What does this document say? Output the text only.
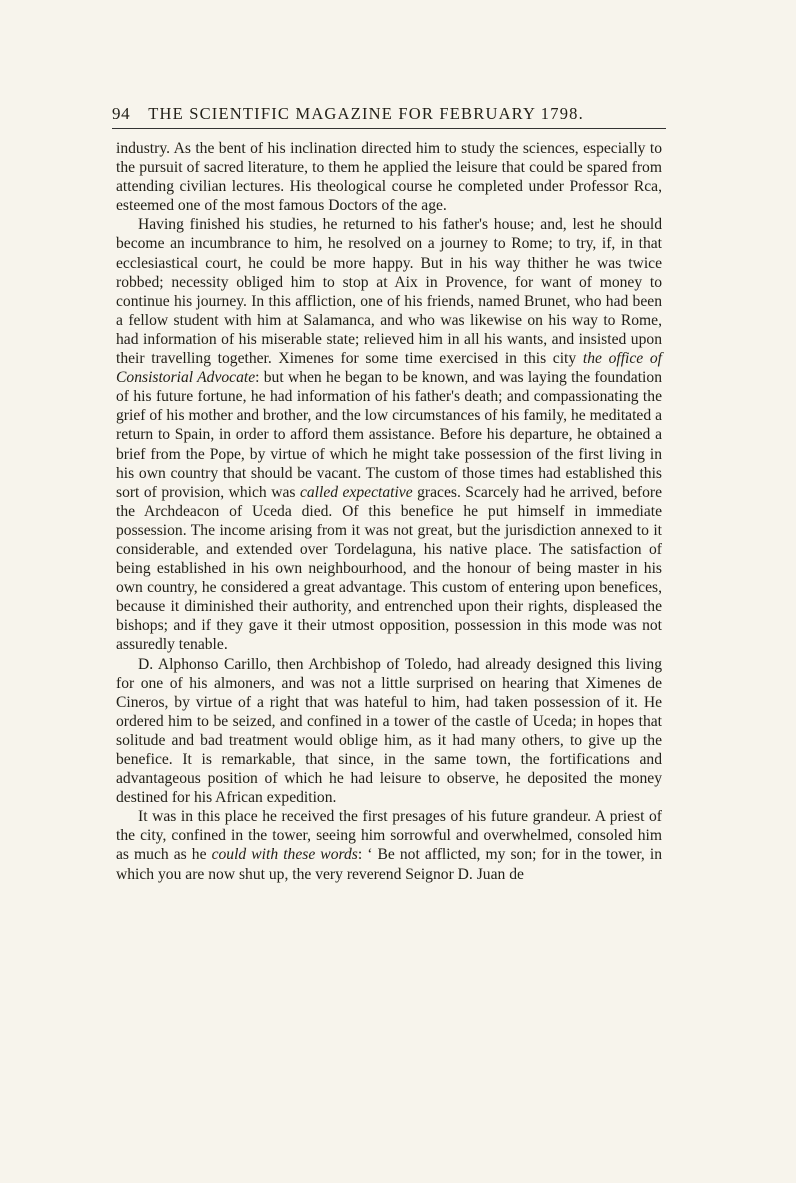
94 THE SCIENTIFIC MAGAZINE FOR FEBRUARY 1798.

industry. As the bent of his inclination directed him to study the sciences, especially to the pursuit of sacred literature, to them he applied the leisure that could be spared from attending civilian lectures. His theological course he completed under Professor Rca, esteemed one of the most famous Doctors of the age.

Having finished his studies, he returned to his father's house; and, lest he should become an incumbrance to him, he resolved on a journey to Rome; to try, if, in that ecclesiastical court, he could be more happy. But in his way thither he was twice robbed; necessity obliged him to stop at Aix in Provence, for want of money to continue his journey. In this affliction, one of his friends, named Brunet, who had been a fellow student with him at Salamanca, and who was likewise on his way to Rome, had information of his miserable state; relieved him in all his wants, and insisted upon their travelling together. Ximenes for some time exercised in this city the office of Consistorial Advocate: but when he began to be known, and was laying the foundation of his future fortune, he had information of his father's death; and compassionating the grief of his mother and brother, and the low circumstances of his family, he meditated a return to Spain, in order to afford them assistance. Before his departure, he obtained a brief from the Pope, by virtue of which he might take possession of the first living in his own country that should be vacant. The custom of those times had established this sort of provision, which was called expectative graces. Scarcely had he arrived, before the Archdeacon of Uceda died. Of this benefice he put himself in immediate possession. The income arising from it was not great, but the jurisdiction annexed to it considerable, and extended over Tordelaguna, his native place. The satisfaction of being established in his own neighbourhood, and the honour of being master in his own country, he considered a great advantage. This custom of entering upon benefices, because it diminished their authority, and entrenched upon their rights, displeased the bishops; and if they gave it their utmost opposition, possession in this mode was not assuredly tenable.

D. Alphonso Carillo, then Archbishop of Toledo, had already designed this living for one of his almoners, and was not a little surprised on hearing that Ximenes de Cineros, by virtue of a right that was hateful to him, had taken possession of it. He ordered him to be seized, and confined in a tower of the castle of Uceda; in hopes that solitude and bad treatment would oblige him, as it had many others, to give up the benefice. It is remarkable, that since, in the same town, the fortifications and advantageous position of which he had leisure to observe, he deposited the money destined for his African expedition.

It was in this place he received the first presages of his future grandeur. A priest of the city, confined in the tower, seeing him sorrowful and overwhelmed, consoled him as much as he could with these words: ‘ Be not afflicted, my son; for in the tower, in which you are now shut up, the very reverend Seignor D. Juan de
